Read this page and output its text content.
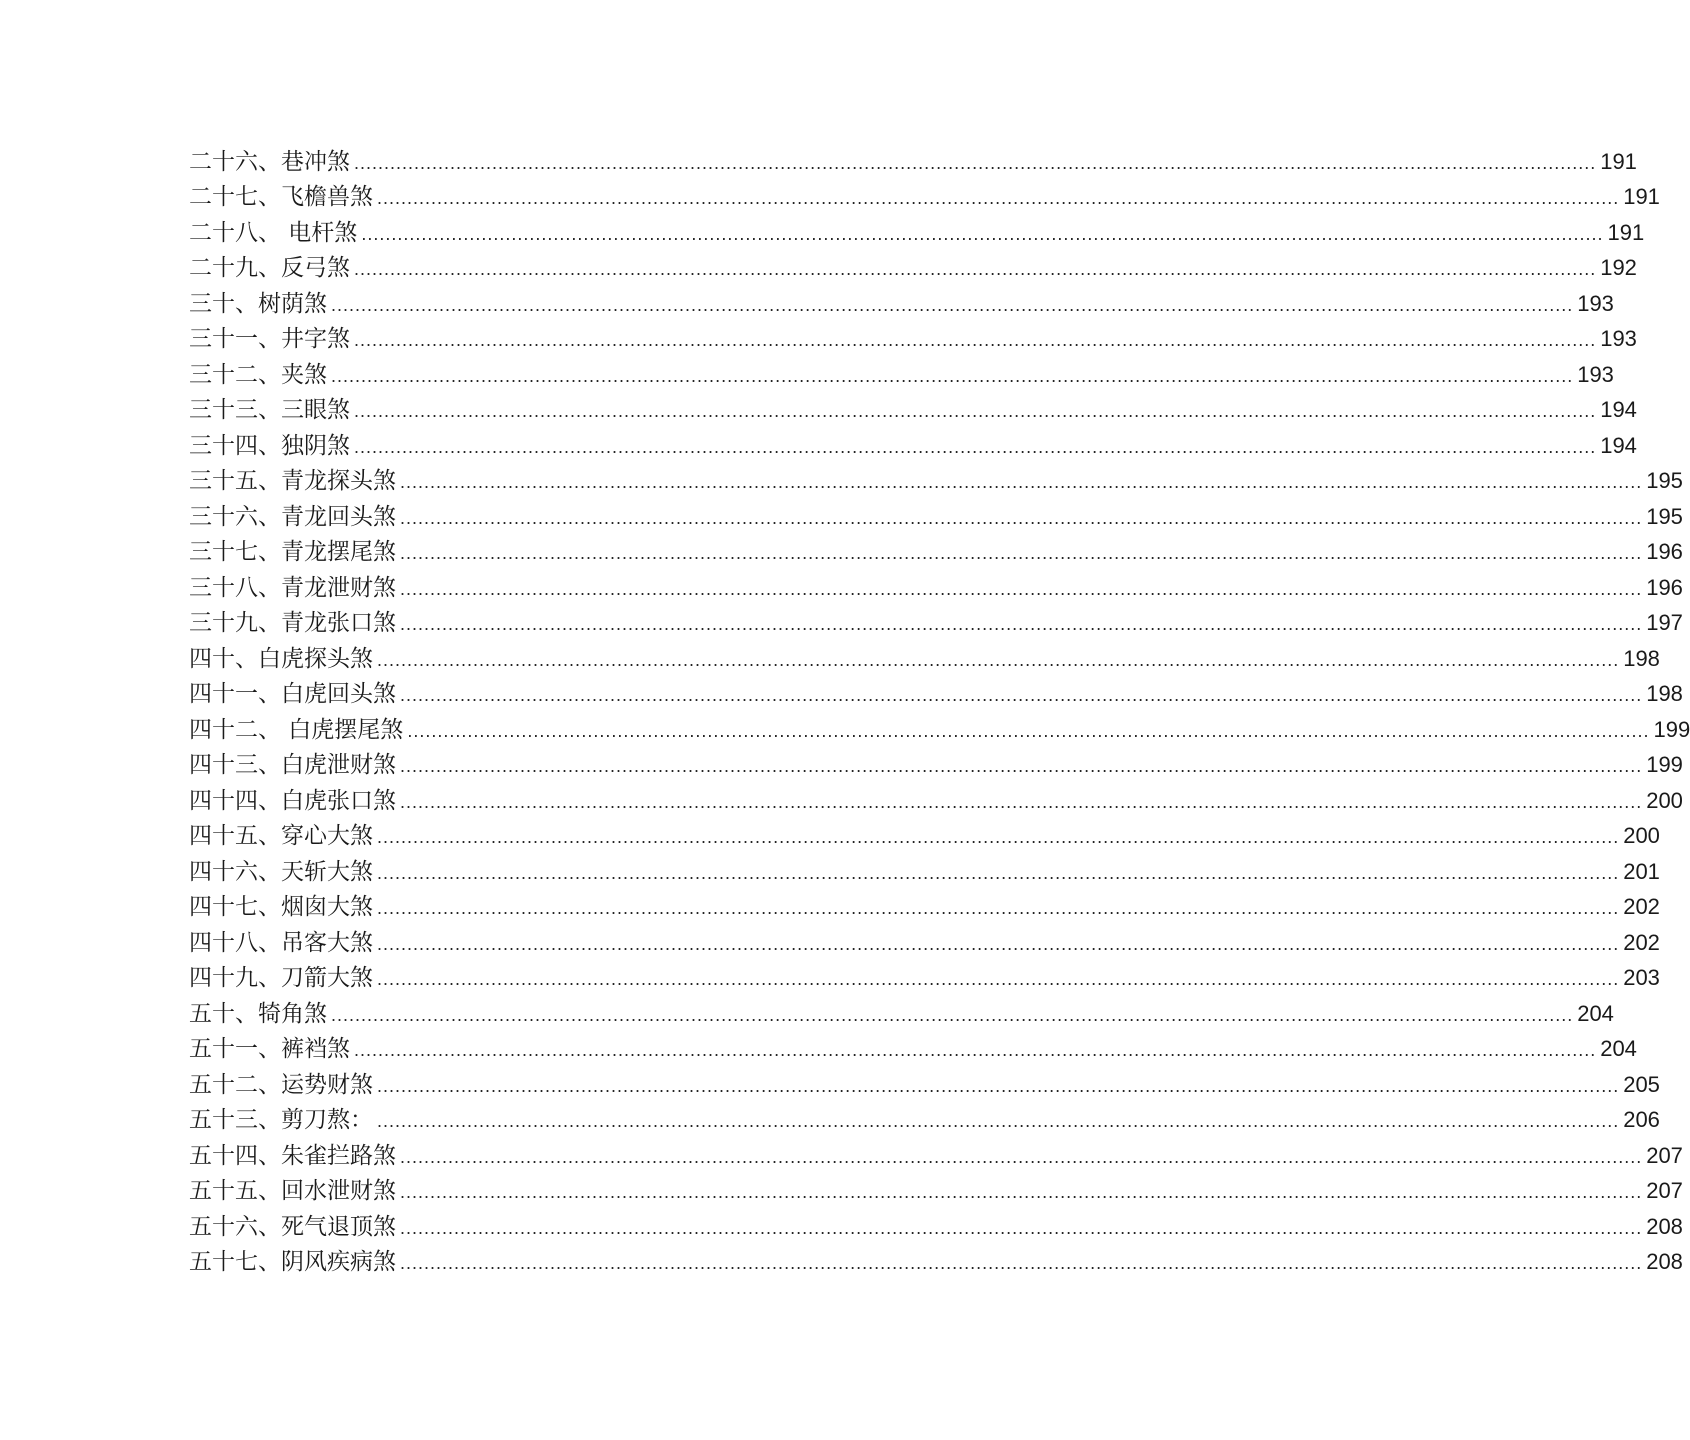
二十六、巷冲煞 ............................................................................................................................................................................................................... 191
二十七、飞檐兽煞 ............................................................................................................................................................................................................... 191
二十八、 电杆煞 ............................................................................................................................................................................................................... 191
二十九、反弓煞 ............................................................................................................................................................................................................... 192
三十、树荫煞 ............................................................................................................................................................................................................... 193
三十一、井字煞 ............................................................................................................................................................................................................... 193
三十二、夹煞 ............................................................................................................................................................................................................... 193
三十三、三眼煞 ............................................................................................................................................................................................................... 194
三十四、独阴煞 ............................................................................................................................................................................................................... 194
三十五、青龙探头煞 ............................................................................................................................................................................................................... 195
三十六、青龙回头煞 ............................................................................................................................................................................................................... 195
三十七、青龙摆尾煞 ............................................................................................................................................................................................................... 196
三十八、青龙泄财煞 ............................................................................................................................................................................................................... 196
三十九、青龙张口煞 ............................................................................................................................................................................................................... 197
四十、白虎探头煞 ............................................................................................................................................................................................................... 198
四十一、白虎回头煞 ............................................................................................................................................................................................................... 198
四十二、 白虎摆尾煞 ............................................................................................................................................................................................................... 199
四十三、白虎泄财煞 ............................................................................................................................................................................................................... 199
四十四、白虎张口煞 ............................................................................................................................................................................................................... 200
四十五、穿心大煞 ............................................................................................................................................................................................................... 200
四十六、天斩大煞 ............................................................................................................................................................................................................... 201
四十七、烟囱大煞 ............................................................................................................................................................................................................... 202
四十八、吊客大煞 ............................................................................................................................................................................................................... 202
四十九、刀箭大煞 ............................................................................................................................................................................................................... 203
五十、犄角煞 ............................................................................................................................................................................................................... 204
五十一、裤裆煞 ............................................................................................................................................................................................................... 204
五十二、运势财煞 ............................................................................................................................................................................................................... 205
五十三、剪刀熬： ............................................................................................................................................................................................................... 206
五十四、朱雀拦路煞 ............................................................................................................................................................................................................... 207
五十五、回水泄财煞 ............................................................................................................................................................................................................... 207
五十六、死气退顶煞 ............................................................................................................................................................................................................... 208
五十七、阴风疾病煞 ............................................................................................................................................................................................................... 208
